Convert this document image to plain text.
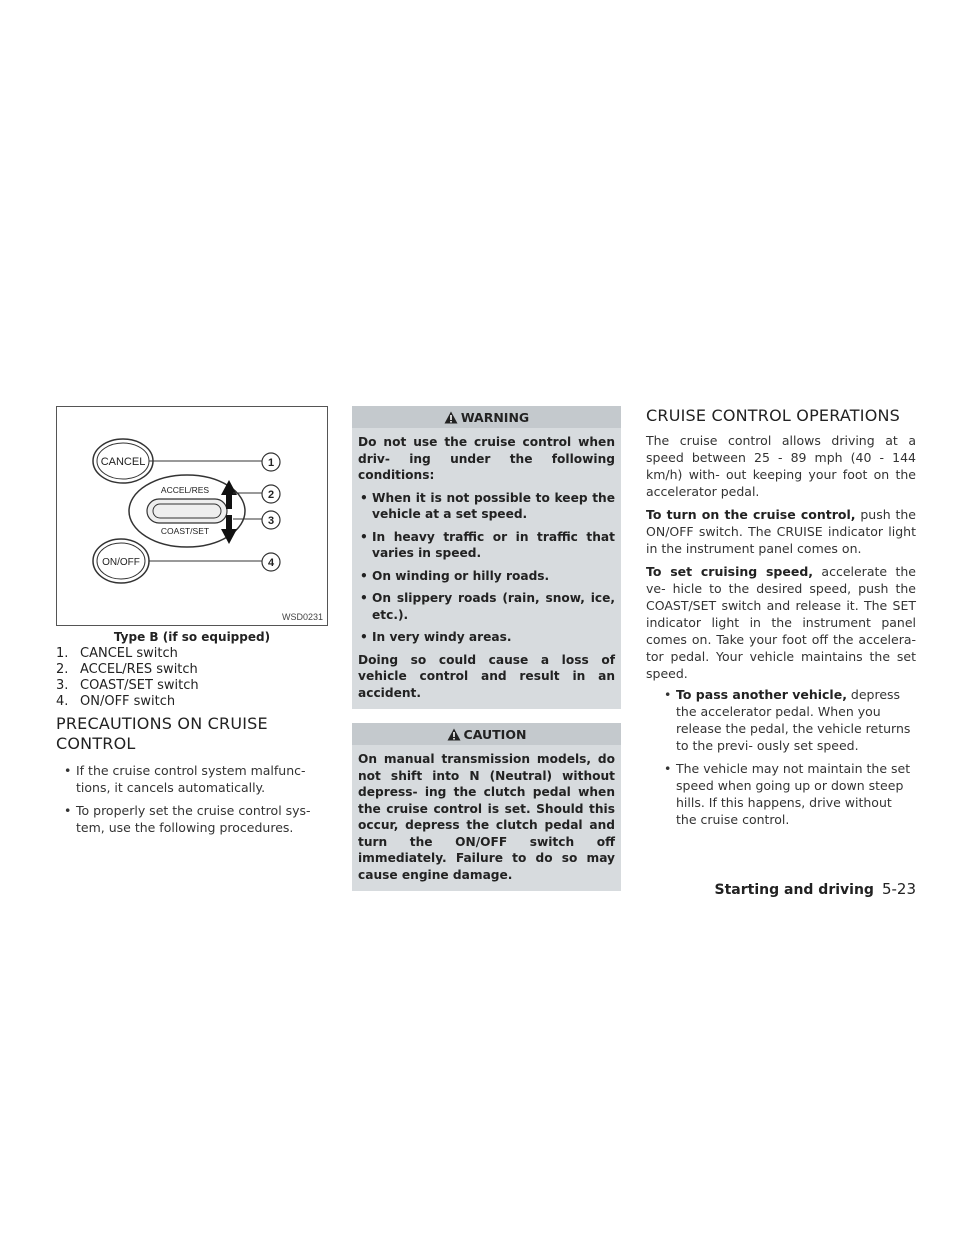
CANCEL
ACCEL/RES
COAST/SET
ON/OFF
1
2
3
4
WSD0231
Type B (if so equipped)
1. CANCEL switch
2. ACCEL/RES switch
3. COAST/SET switch
4. ON/OFF switch
PRECAUTIONS ON CRUISE
CONTROL
• If the cruise control system malfunc- tions, it cancels automatically.
• To properly set the cruise control sys- tem, use the following procedures.
WARNING

Do not use the cruise control when driv- ing under the following conditions:

• When it is not possible to keep the vehicle at a set speed.
• In heavy traffic or in traffic that varies in speed.
• On winding or hilly roads.
• On slippery roads (rain, snow, ice, etc.).
• In very windy areas.

Doing so could cause a loss of vehicle control and result in an accident.

CAUTION

On manual transmission models, do not shift into N (Neutral) without depress- ing the clutch pedal when the cruise control is set. Should this occur, depress the clutch pedal and turn the ON/OFF switch off immediately. Failure to do so may cause engine damage.

CRUISE CONTROL OPERATIONS

The cruise control allows driving at a speed between 25 - 89 mph (40 - 144 km/h) with- out keeping your foot on the accelerator pedal.

To turn on the cruise control, push the ON/OFF switch. The CRUISE indicator light in the instrument panel comes on.

To set cruising speed, accelerate the ve- hicle to the desired speed, push the COAST/SET switch and release it. The SET indicator light in the instrument panel comes on. Take your foot off the accelera- tor pedal. Your vehicle maintains the set speed.

• To pass another vehicle, depress the accelerator pedal. When you release the pedal, the vehicle returns to the previ- ously set speed.
• The vehicle may not maintain the set speed when going up or down steep hills. If this happens, drive without the cruise control.
Starting and driving 5-23
